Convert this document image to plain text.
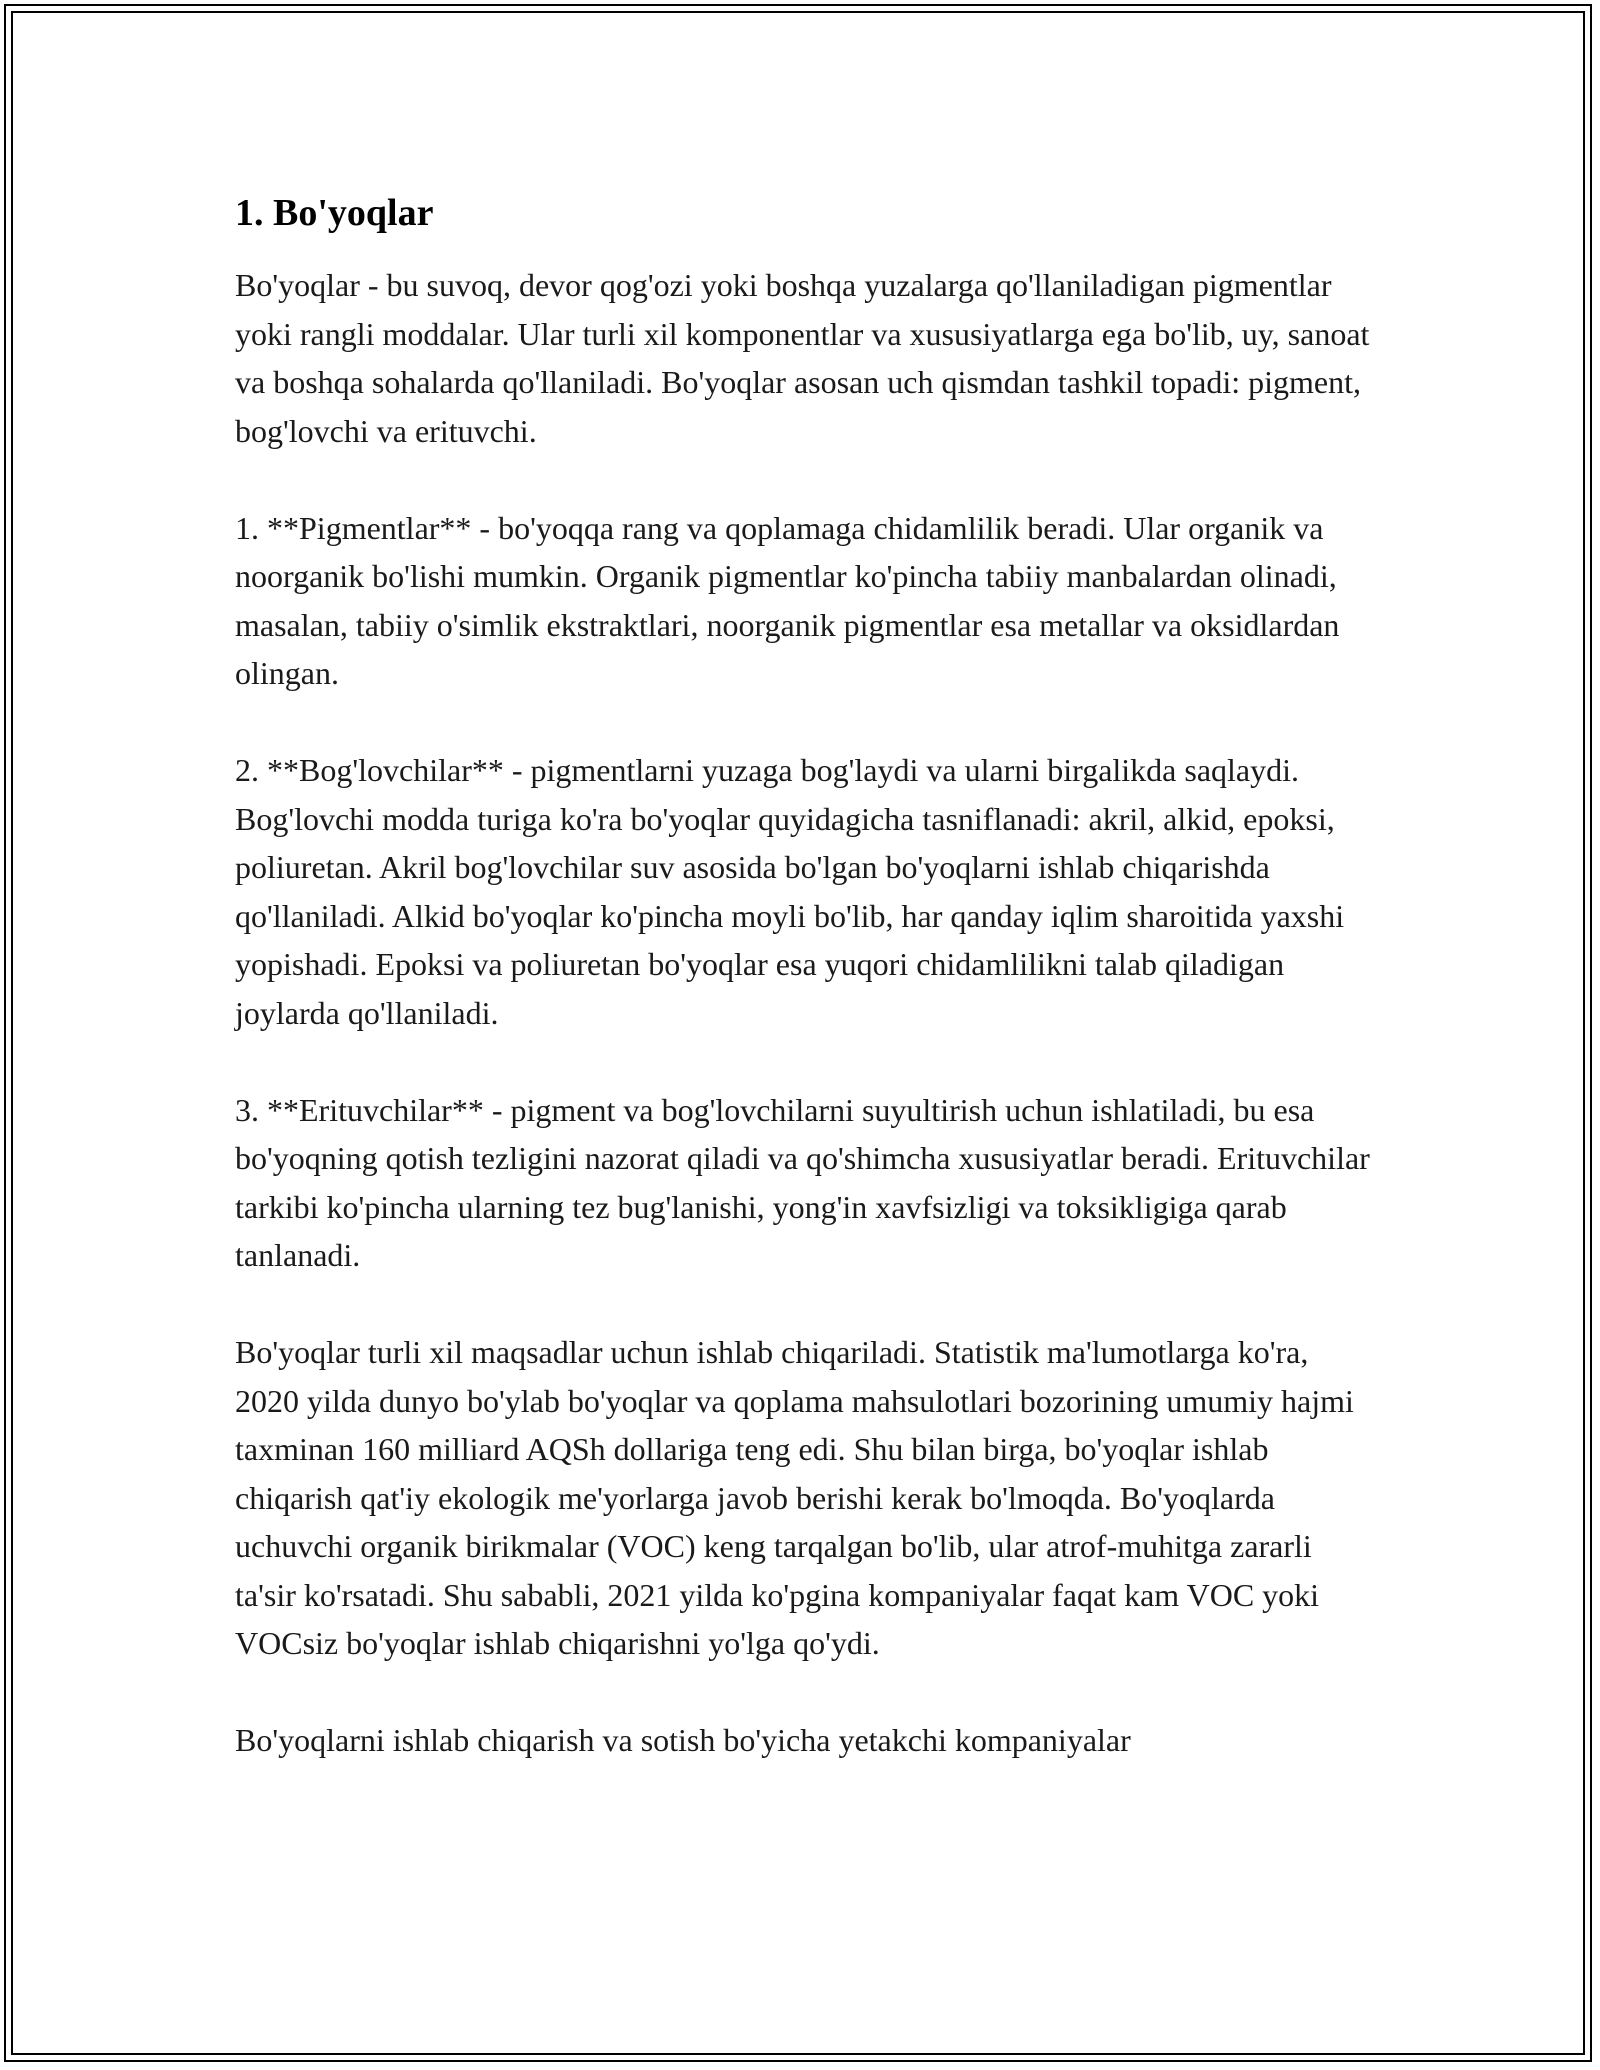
1. Bo'yoqlar

Bo'yoqlar - bu suvoq, devor qog'ozi yoki boshqa yuzalarga qo'llaniladigan pigmentlar yoki rangli moddalar. Ular turli xil komponentlar va xususiyatlarga ega bo'lib, uy, sanoat va boshqa sohalarda qo'llaniladi. Bo'yoqlar asosan uch qismdan tashkil topadi: pigment, bog'lovchi va erituvchi.

1. **Pigmentlar** - bo'yoqqa rang va qoplamaga chidamlilik beradi. Ular organik va noorganik bo'lishi mumkin. Organik pigmentlar ko'pincha tabiiy manbalardan olinadi, masalan, tabiiy o'simlik ekstraktlari, noorganik pigmentlar esa metallar va oksidlardan olingan.

2. **Bog'lovchilar** - pigmentlarni yuzaga bog'laydi va ularni birgalikda saqlaydi. Bog'lovchi modda turiga ko'ra bo'yoqlar quyidagicha tasniflanadi: akril, alkid, epoksi, poliuretan. Akril bog'lovchilar suv asosida bo'lgan bo'yoqlarni ishlab chiqarishda qo'llaniladi. Alkid bo'yoqlar ko'pincha moyli bo'lib, har qanday iqlim sharoitida yaxshi yopishadi. Epoksi va poliuretan bo'yoqlar esa yuqori chidamlilikni talab qiladigan joylarda qo'llaniladi.

3. **Erituvchilar** - pigment va bog'lovchilarni suyultirish uchun ishlatiladi, bu esa bo'yoqning qotish tezligini nazorat qiladi va qo'shimcha xususiyatlar beradi. Erituvchilar tarkibi ko'pincha ularning tez bug'lanishi, yong'in xavfsizligi va toksikligiga qarab tanlanadi.

Bo'yoqlar turli xil maqsadlar uchun ishlab chiqariladi. Statistik ma'lumotlarga ko'ra, 2020 yilda dunyo bo'ylab bo'yoqlar va qoplama mahsulotlari bozorining umumiy hajmi taxminan 160 milliard AQSh dollariga teng edi. Shu bilan birga, bo'yoqlar ishlab chiqarish qat'iy ekologik me'yorlarga javob berishi kerak bo'lmoqda. Bo'yoqlarda uchuvchi organik birikmalar (VOC) keng tarqalgan bo'lib, ular atrof-muhitga zararli ta'sir ko'rsatadi. Shu sababli, 2021 yilda ko'pgina kompaniyalar faqat kam VOC yoki VOCsiz bo'yoqlar ishlab chiqarishni yo'lga qo'ydi.

Bo'yoqlarni ishlab chiqarish va sotish bo'yicha yetakchi kompaniyalar
